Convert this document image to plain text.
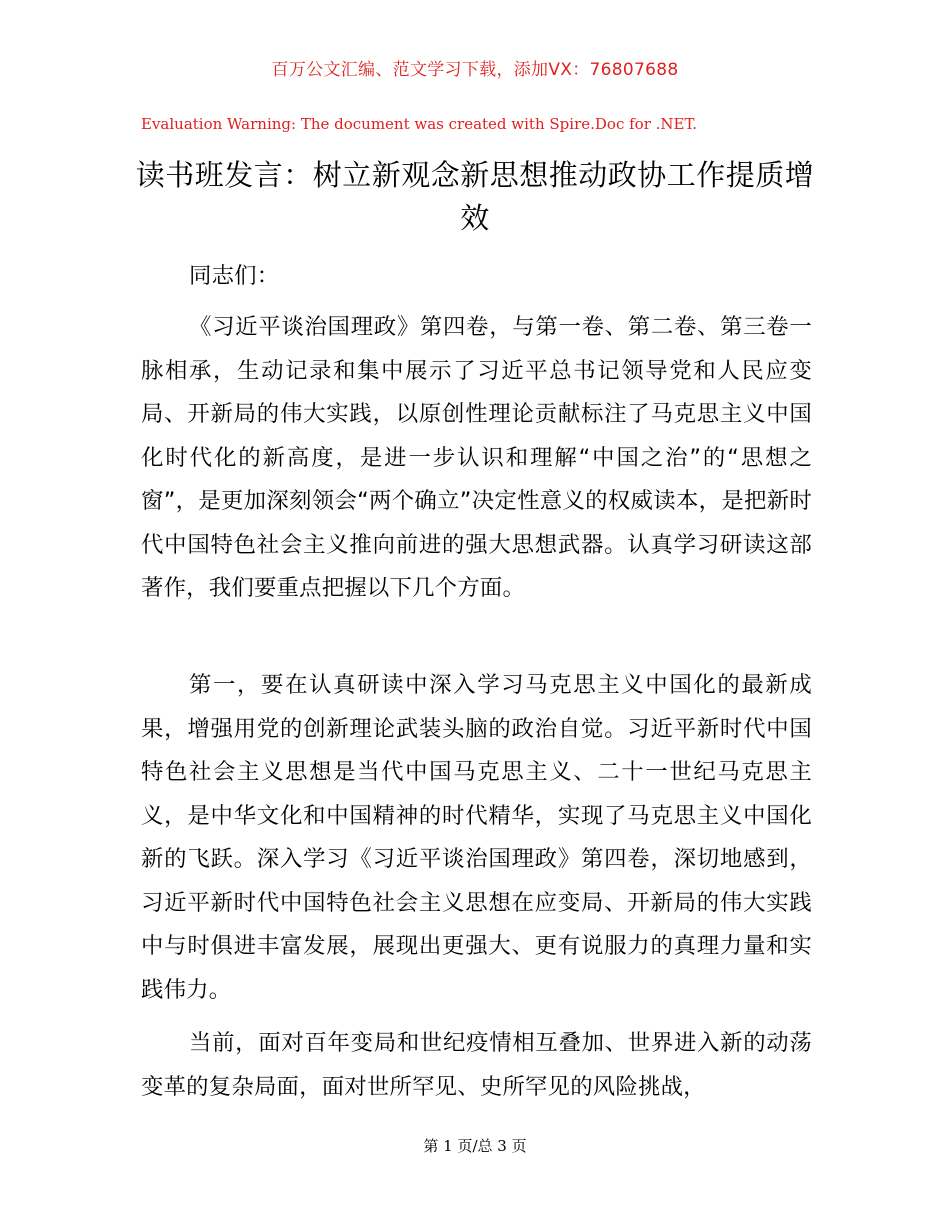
百万公文汇编、范文学习下载，添加VX：76807688
Evaluation Warning: The document was created with Spire.Doc for .NET.
读书班发言：树立新观念新思想推动政协工作提质增效
同志们：
《习近平谈治国理政》第四卷，与第一卷、第二卷、第三卷一脉相承，生动记录和集中展示了习近平总书记领导党和人民应变局、开新局的伟大实践，以原创性理论贡献标注了马克思主义中国化时代化的新高度，是进一步认识和理解“中国之治”的“思想之窗”，是更加深刻领会“两个确立”决定性意义的权威读本，是把新时代中国特色社会主义推向前进的强大思想武器。认真学习研读这部著作，我们要重点把握以下几个方面。
第一，要在认真研读中深入学习马克思主义中国化的最新成果，增强用党的创新理论武装头脑的政治自觉。习近平新时代中国特色社会主义思想是当代中国马克思主义、二十一世纪马克思主义，是中华文化和中国精神的时代精华，实现了马克思主义中国化新的飞跃。深入学习《习近平谈治国理政》第四卷，深切地感到，习近平新时代中国特色社会主义思想在应变局、开新局的伟大实践中与时俱进丰富发展，展现出更强大、更有说服力的真理力量和实践伟力。
当前，面对百年变局和世纪疫情相互叠加、世界进入新的动荡变革的复杂局面，面对世所罕见、史所罕见的风险挑战，
第 1 页/总 3 页
